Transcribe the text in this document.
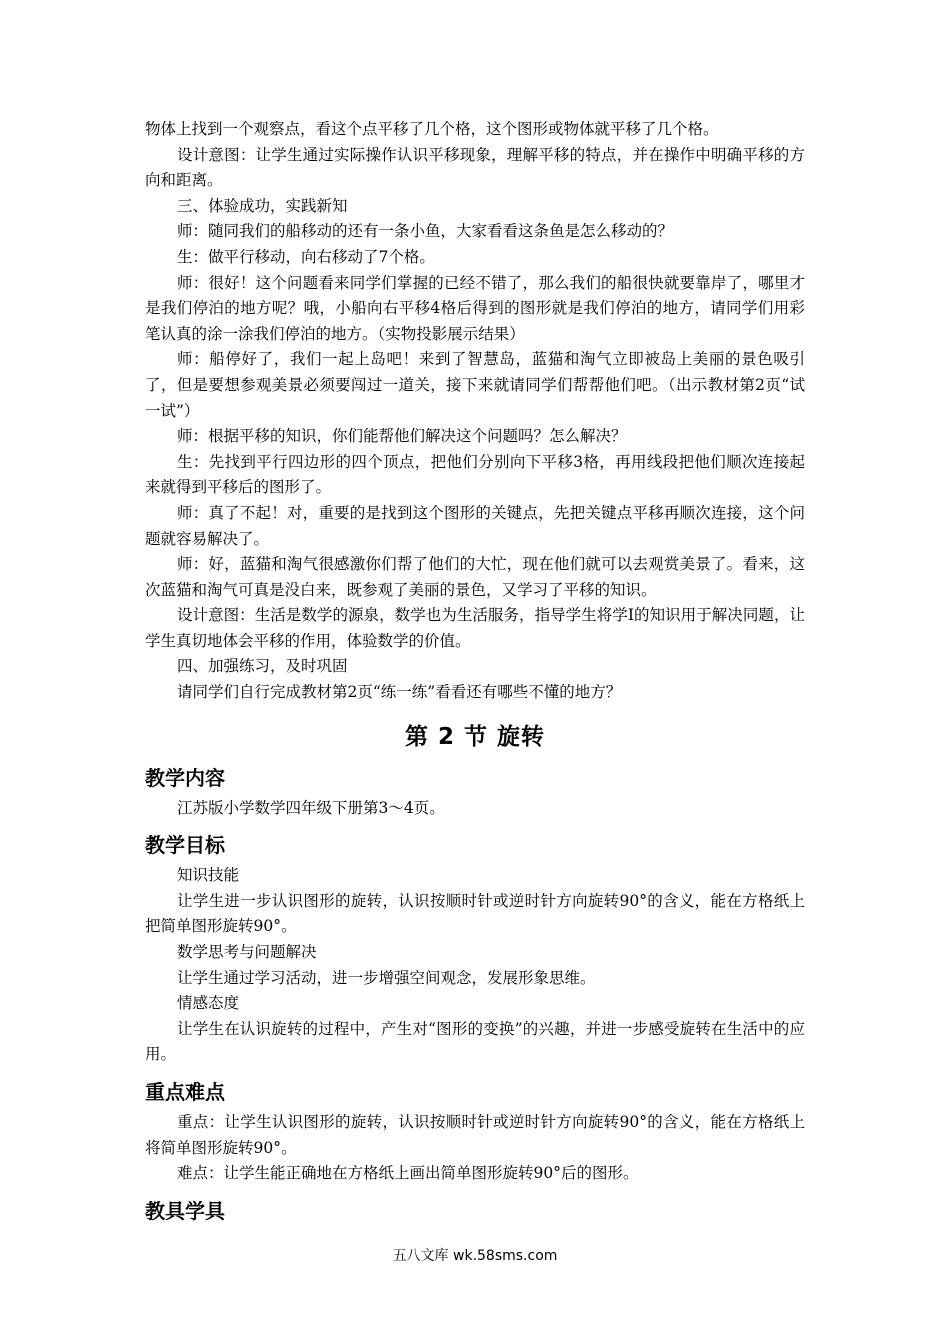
物体上找到一个观察点，看这个点平移了几个格，这个图形或物体就平移了几个格。

设计意图：让学生通过实际操作认识平移现象，理解平移的特点，并在操作中明确平移的方向和距离。

三、体验成功，实践新知

师：随同我们的船移动的还有一条小鱼，大家看看这条鱼是怎么移动的？

生：做平行移动，向右移动了7个格。

师：很好！这个问题看来同学们掌握的已经不错了，那么我们的船很快就要靠岸了，哪里才是我们停泊的地方呢？哦，小船向右平移4格后得到的图形就是我们停泊的地方，请同学们用彩笔认真的涂一涂我们停泊的地方。（实物投影展示结果）

师：船停好了，我们一起上岛吧！来到了智慧岛，蓝猫和淘气立即被岛上美丽的景色吸引了，但是要想参观美景必须要闯过一道关，接下来就请同学们帮帮他们吧。（出示教材第2页“试一试”）

师：根据平移的知识，你们能帮他们解决这个问题吗？怎么解决？

生：先找到平行四边形的四个顶点，把他们分别向下平移3格，再用线段把他们顺次连接起来就得到平移后的图形了。

师：真了不起！对，重要的是找到这个图形的关键点，先把关键点平移再顺次连接，这个问题就容易解决了。

师：好，蓝猫和淘气很感激你们帮了他们的大忙，现在他们就可以去观赏美景了。看来，这次蓝猫和淘气可真是没白来，既参观了美丽的景色，又学习了平移的知识。

设计意图：生活是数学的源泉，数学也为生活服务，指导学生将学I的知识用于解决同题，让学生真切地体会平移的作用，体验数学的价值。

四、加强练习，及时巩固

请同学们自行完成教材第2页“练一练”看看还有哪些不懂的地方？

第 2 节 旋转
教学内容

江苏版小学数学四年级下册第3～4页。

教学目标

知识技能

让学生进一步认识图形的旋转，认识按顺时针或逆时针方向旋转90°的含义，能在方格纸上把简单图形旋转90°。

数学思考与问题解决

让学生通过学习活动，进一步增强空间观念，发展形象思维。

情感态度

让学生在认识旋转的过程中，产生对“图形的变换”的兴趣，并进一步感受旋转在生活中的应用。

重点难点

重点：让学生认识图形的旋转，认识按顺时针或逆时针方向旋转90°的含义，能在方格纸上将简单图形旋转90°。

难点：让学生能正确地在方格纸上画出简单图形旋转90°后的图形。

教具学具
五八文库 wk.58sms.com
